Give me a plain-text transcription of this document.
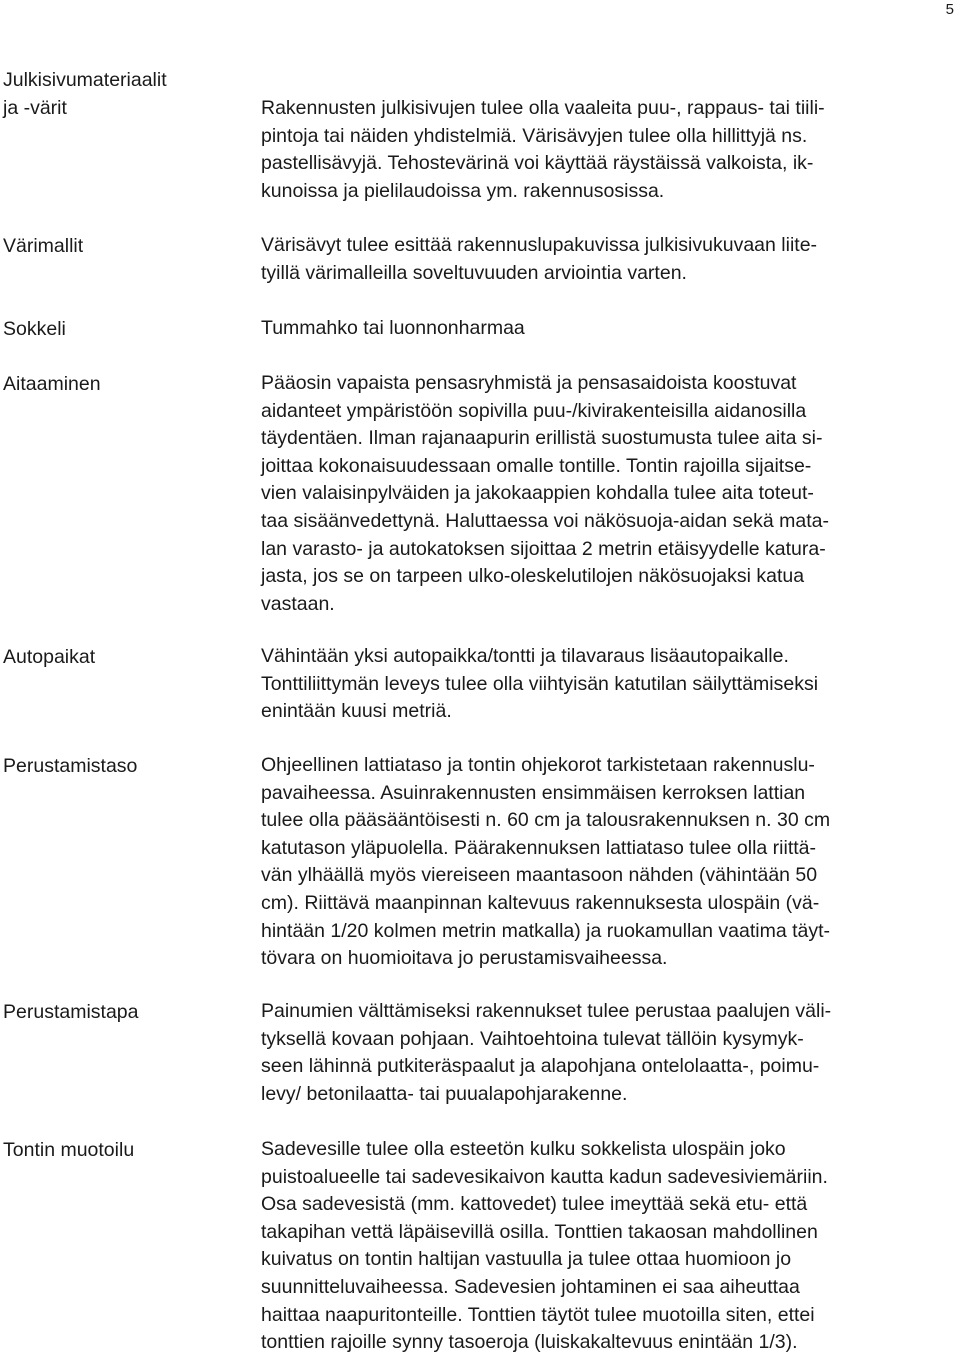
5
Julkisivumateriaalit
ja -värit	Rakennusten julkisivujen tulee olla vaaleita puu-, rappaus- tai tiili-
pintoja tai näiden yhdistelmiä. Värisävyjen tulee olla hillittyjä ns.
pastellisävyjä. Tehostevärinä voi käyttää räystäissä valkoista, ik-
kunoissa ja pielilaudoissa ym. rakennusosissa.
Värimallit	Värisävyt tulee esittää rakennuslupakuvissa julkisivukuvaan liite-
tyillä värimalleilla soveltuvuuden arviointia varten.
Sokkeli	Tummahko tai luonnonharmaa
Aitaaminen	Pääosin vapaista pensasryhmistä ja pensasaidoista koostuvat
aidanteet ympäristöön sopivilla puu-/kivirakenteisilla aidanosilla
täydentäen. Ilman rajanaapurin erillistä suostumusta tulee aita si-
joittaa kokonaisuudessaan omalle tontille. Tontin rajoilla sijaitse-
vien valaisinpylväiden ja jakokaappien kohdalla tulee aita toteut-
taa sisäänvedettynä. Haluttaessa voi näkösuoja-aidan sekä mata-
lan varasto- ja autokatoksen sijoittaa 2 metrin etäisyydelle katura-
jasta, jos se on tarpeen ulko-oleskelutilojen näkösuojaksi katua
vastaan.
Autopaikat	Vähintään yksi autopaikka/tontti ja tilavaraus lisäautopaikalle.
Tonttiliittymän leveys tulee olla viihtyisän katutilan säilyttämiseksi
enintään kuusi metriä.
Perustamistaso	Ohjeellinen lattiataso ja tontin ohjekorot tarkistetaan rakennuslu-
pavaiheessa. Asuinrakennusten ensimmäisen kerroksen lattian
tulee olla pääsääntöisesti n. 60 cm ja talousrakennuksen n. 30 cm
katutason yläpuolella. Päärakennuksen lattiataso tulee olla riittä-
vän ylhäällä myös viereiseen maantasoon nähden (vähintään 50
cm). Riittävä maanpinnan kaltevuus rakennuksesta ulospäin (vä-
hintään 1/20 kolmen metrin matkalla) ja ruokamullan vaatima täyt-
tövara on huomioitava jo perustamisvaiheessa.
Perustamistapa	Painumien välttämiseksi rakennukset tulee perustaa paalujen väli-
tyksellä kovaan pohjaan. Vaihtoehtoina tulevat tällöin kysymyk-
seen lähinnä putkiteräspaalut ja alapohjana ontelolaatta-, poimu-
levy/ betonilaatta- tai puualapohjarakenne.
Tontin muotoilu	Sadevesille tulee olla esteetön kulku sokkelista ulospäin joko
puistoalueelle tai sadevesikaivon kautta kadun sadevesiviemäriin.
Osa sadevesistä (mm. kattovedet) tulee imeyttää sekä etu- että
takapihan vettä läpäisevillä osilla. Tonttien takaosan mahdollinen
kuivatus on tontin haltijan vastuulla ja tulee ottaa huomioon jo
suunnitteluvaiheessa. Sadevesien johtaminen ei saa aiheuttaa
haittaa naapuritonteille. Tonttien täytöt tulee muotoilla siten, ettei
tonttien rajoille synny tasoeroja (luiskakaltevuus enintään 1/3).
